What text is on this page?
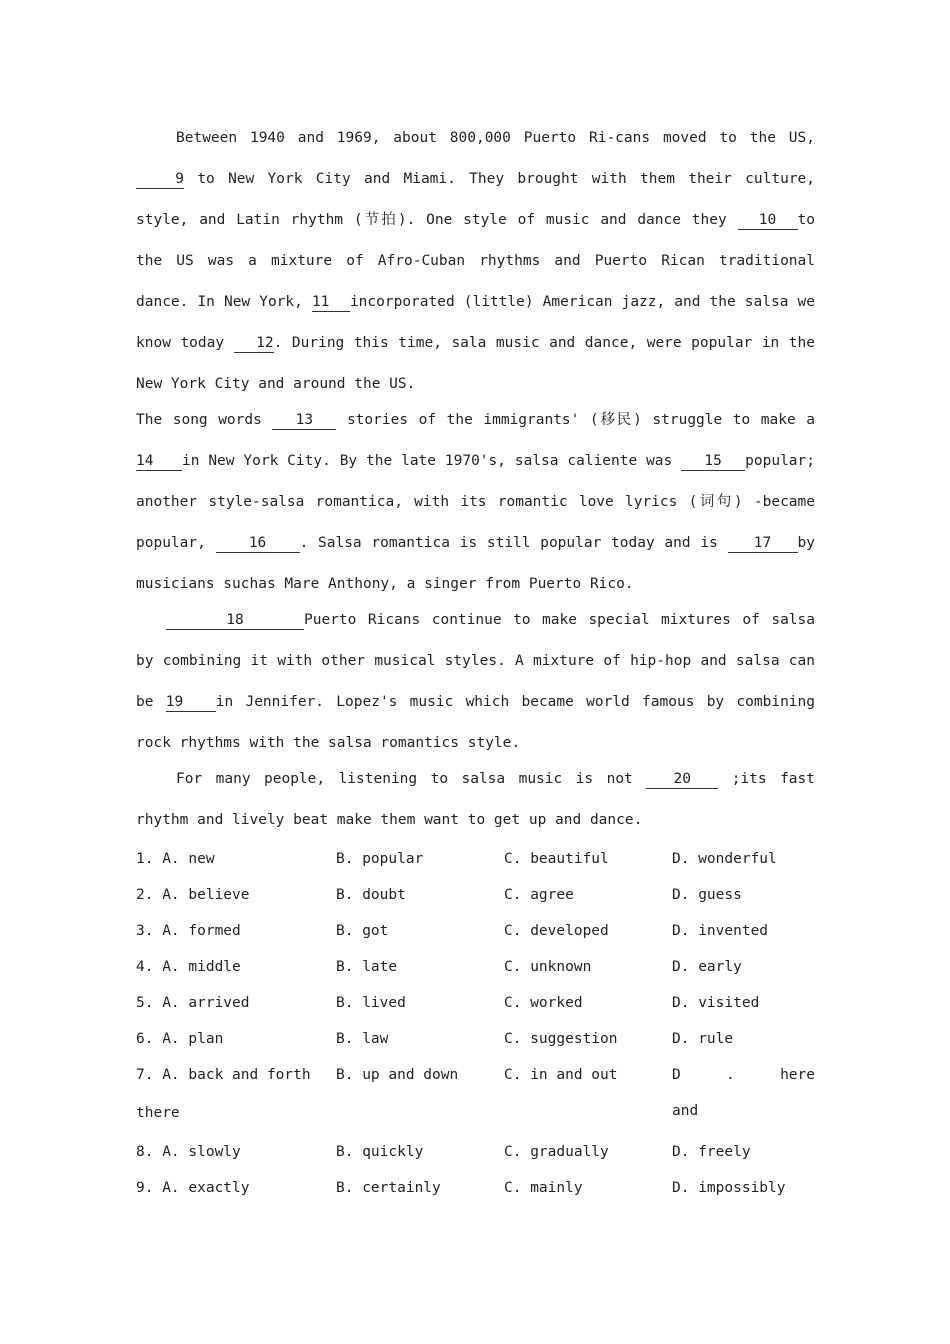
Between 1940 and 1969, about 800,000 Puerto Ri-cans moved to the US, 9 to New York City and Miami. They brought with them their culture, style, and Latin rhythm (节拍). One style of music and dance they 10 to the US was a mixture of Afro-Cuban rhythms and Puerto Rican traditional dance. In New York, 11 incorporated (little) American jazz, and the salsa we know today 12. During this time, sala music and dance, were popular in the New York City and around the US.

The song words 13 stories of the immigrants' (移民) struggle to make a 14 in New York City. By the late 1970's, salsa caliente was 15 popular; another style-salsa romantica, with its romantic love lyrics (词句) -became popular, 16 . Salsa romantica is still popular today and is 17 by musicians suchas Mare Anthony, a singer from Puerto Rico.

18	Puerto Ricans continue to make special mixtures of salsa by combining it with other musical styles. A mixture of hip-hop and salsa can be 19 in Jennifer. Lopez's music which became world famous by combining rock rhythms with the salsa romantics style.

For many people, listening to salsa music is not 20	;its fast rhythm and lively beat make them want to get up and dance.

1. A. new	B. popular	C. beautiful	D. wonderful
2. A. believe	B. doubt	C. agree	D. guess
3. A. formed	B. got	C. developed	D. invented
4. A. middle	B. late	C. unknown	D. early
5. A. arrived	B. lived	C. worked	D. visited
6. A. plan	B. law	C. suggestion	D. rule
7. A. back and forth	B. up and down	C. in and out	D . here and
there
8. A. slowly	B. quickly	C. gradually	D. freely
9. A. exactly	B. certainly	C. mainly	D. impossibly
